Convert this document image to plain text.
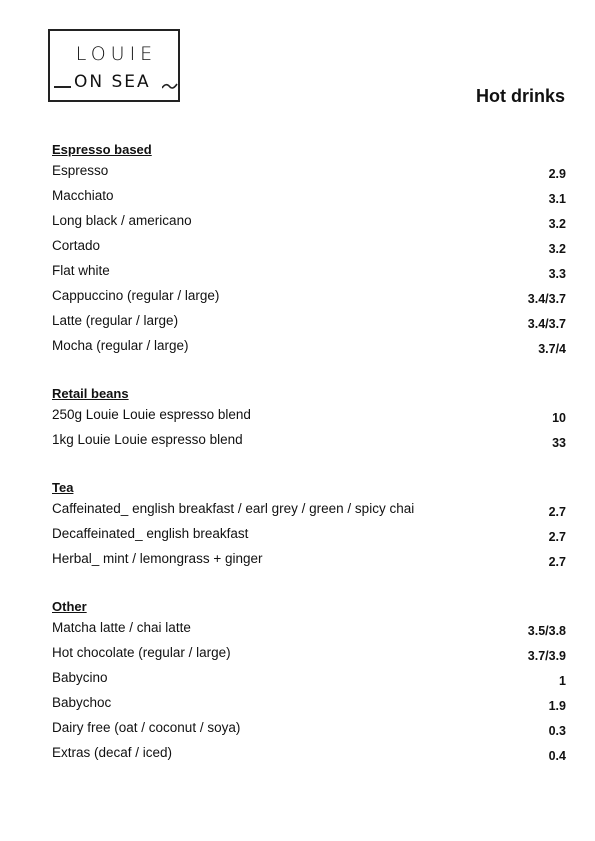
LOUIE
ON SEA
Hot drinks
Espresso based
Espresso	2.9
Macchiato	3.1
Long black / americano	3.2
Cortado	3.2
Flat white	3.3
Cappuccino (regular / large)	3.4/3.7
Latte (regular / large)	3.4/3.7
Mocha (regular / large)	3.7/4
Retail beans
250g Louie Louie espresso blend	10
1kg Louie Louie espresso blend	33
Tea
Caffeinated_ english breakfast / earl grey / green / spicy chai	2.7
Decaffeinated_ english breakfast	2.7
Herbal_ mint / lemongrass + ginger	2.7
Other
Matcha latte / chai latte	3.5/3.8
Hot chocolate (regular / large)	3.7/3.9
Babycino	1
Babychoc	1.9
Dairy free (oat / coconut / soya)	0.3
Extras (decaf / iced)	0.4
